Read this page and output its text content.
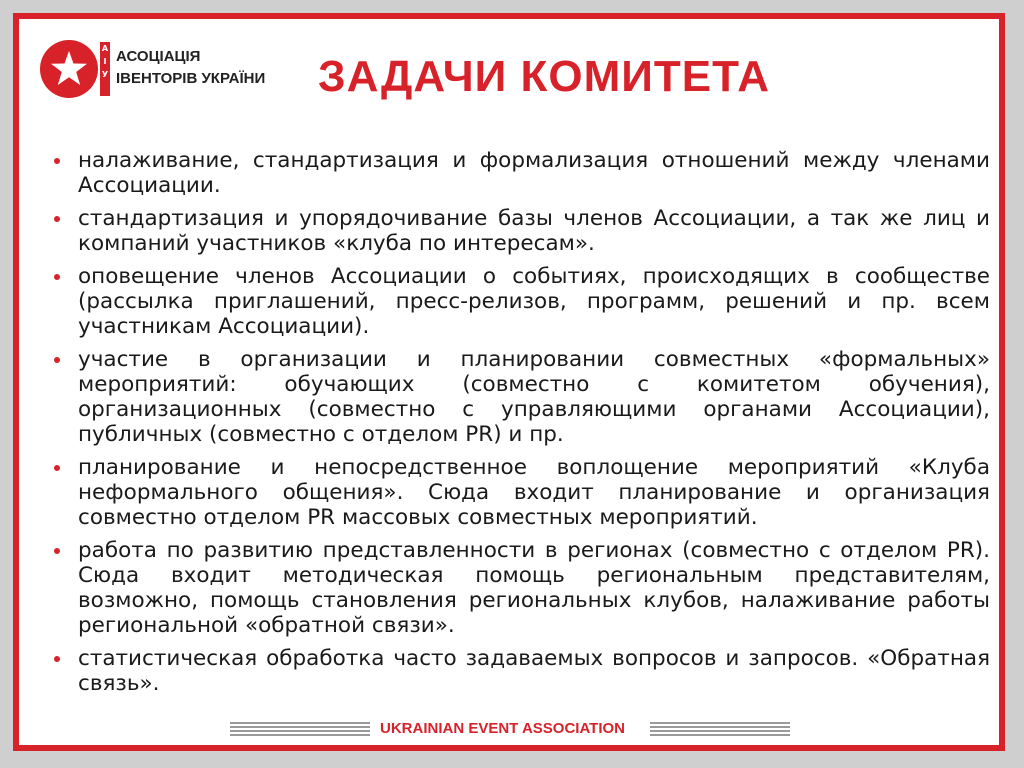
А
І
У
АСОЦІАЦІЯ
ІВЕНТОРІВ УКРАЇНИ ЗАДАЧИ КОМИТЕТА
налаживание, стандартизация и формализация отношений между членами Ассоциации.
стандартизация и упорядочивание базы членов Ассоциации, а так же лиц и компаний участников «клуба по интересам».
оповещение членов Ассоциации о событиях, происходящих в сообществе (рассылка приглашений, пресс-релизов, программ, решений и пр. всем участникам Ассоциации).
участие в организации и планировании совместных «формальных» мероприятий: обучающих (совместно с комитетом обучения), организационных (совместно с управляющими органами Ассоциации), публичных (совместно с отделом PR) и пр.
планирование и непосредственное воплощение мероприятий «Клуба неформального общения». Сюда входит планирование и организация совместно отделом PR массовых совместных мероприятий.
работа по развитию представленности в регионах (совместно с отделом PR). Сюда входит методическая помощь региональным представителям, возможно, помощь становления региональных клубов, налаживание работы региональной «обратной связи».
статистическая обработка часто задаваемых вопросов и запросов. «Обратная связь».
UKRAINIAN EVENT ASSOCIATION
